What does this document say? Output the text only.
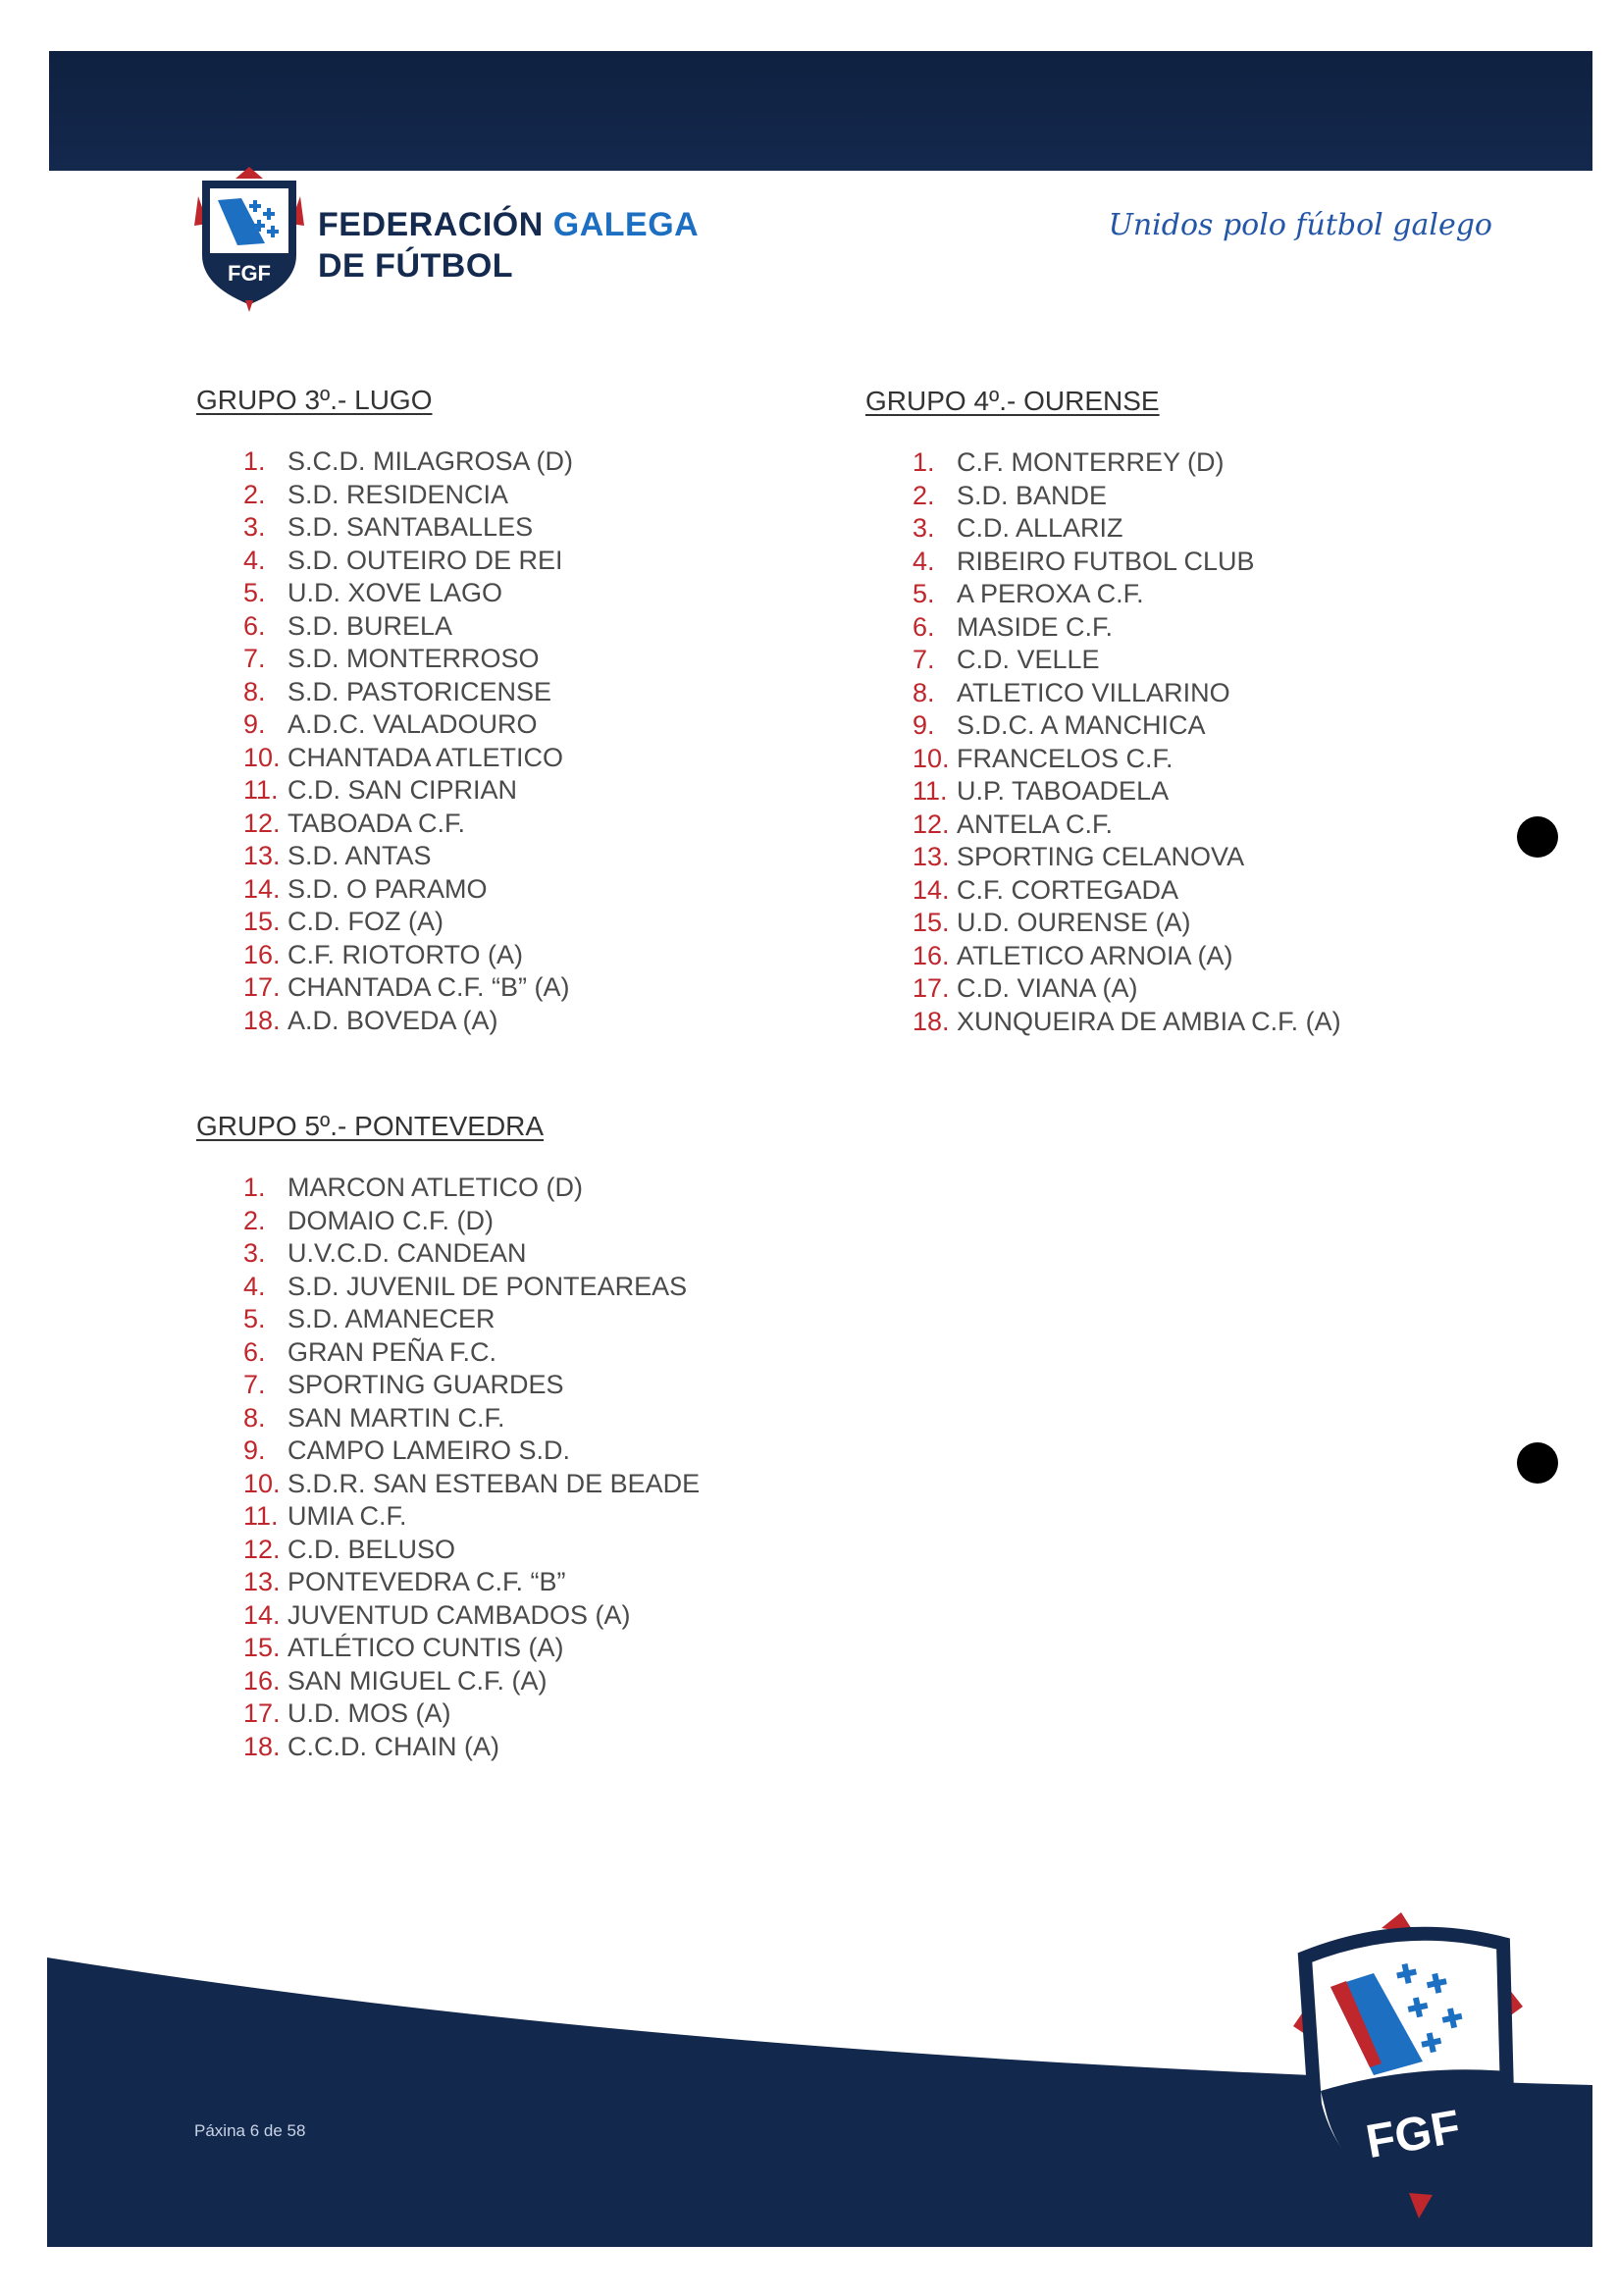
FGF
FEDERACIÓN GALEGA
DE FÚTBOL
Unidos polo fútbol galego
GRUPO 3º.- LUGO
1. S.C.D. MILAGROSA (D)
2. S.D. RESIDENCIA
3. S.D. SANTABALLES
4. S.D. OUTEIRO DE REI
5. U.D. XOVE LAGO
6. S.D. BURELA
7. S.D. MONTERROSO
8. S.D. PASTORICENSE
9. A.D.C. VALADOURO
10. CHANTADA ATLETICO
11. C.D. SAN CIPRIAN
12. TABOADA C.F.
13. S.D. ANTAS
14. S.D. O PARAMO
15. C.D. FOZ (A)
16. C.F. RIOTORTO (A)
17. CHANTADA C.F. “B” (A)
18. A.D. BOVEDA (A)
GRUPO 4º.- OURENSE
1. C.F. MONTERREY (D)
2. S.D. BANDE
3. C.D. ALLARIZ
4. RIBEIRO FUTBOL CLUB
5. A PEROXA C.F.
6. MASIDE C.F.
7. C.D. VELLE
8. ATLETICO VILLARINO
9. S.D.C. A MANCHICA
10. FRANCELOS C.F.
11. U.P. TABOADELA
12. ANTELA C.F.
13. SPORTING CELANOVA
14. C.F. CORTEGADA
15. U.D. OURENSE (A)
16. ATLETICO ARNOIA (A)
17. C.D. VIANA (A)
18. XUNQUEIRA DE AMBIA C.F. (A)
GRUPO 5º.- PONTEVEDRA
1. MARCON ATLETICO (D)
2. DOMAIO C.F. (D)
3. U.V.C.D. CANDEAN
4. S.D. JUVENIL DE PONTEAREAS
5. S.D. AMANECER
6. GRAN PEÑA F.C.
7. SPORTING GUARDES
8. SAN MARTIN C.F.
9. CAMPO LAMEIRO S.D.
10. S.D.R. SAN ESTEBAN DE BEADE
11. UMIA C.F.
12. C.D. BELUSO
13. PONTEVEDRA C.F. “B”
14. JUVENTUD CAMBADOS (A)
15. ATLÉTICO CUNTIS (A)
16. SAN MIGUEL C.F. (A)
17. U.D. MOS (A)
18. C.C.D. CHAIN (A)
Páxina 6 de 58	FGF
